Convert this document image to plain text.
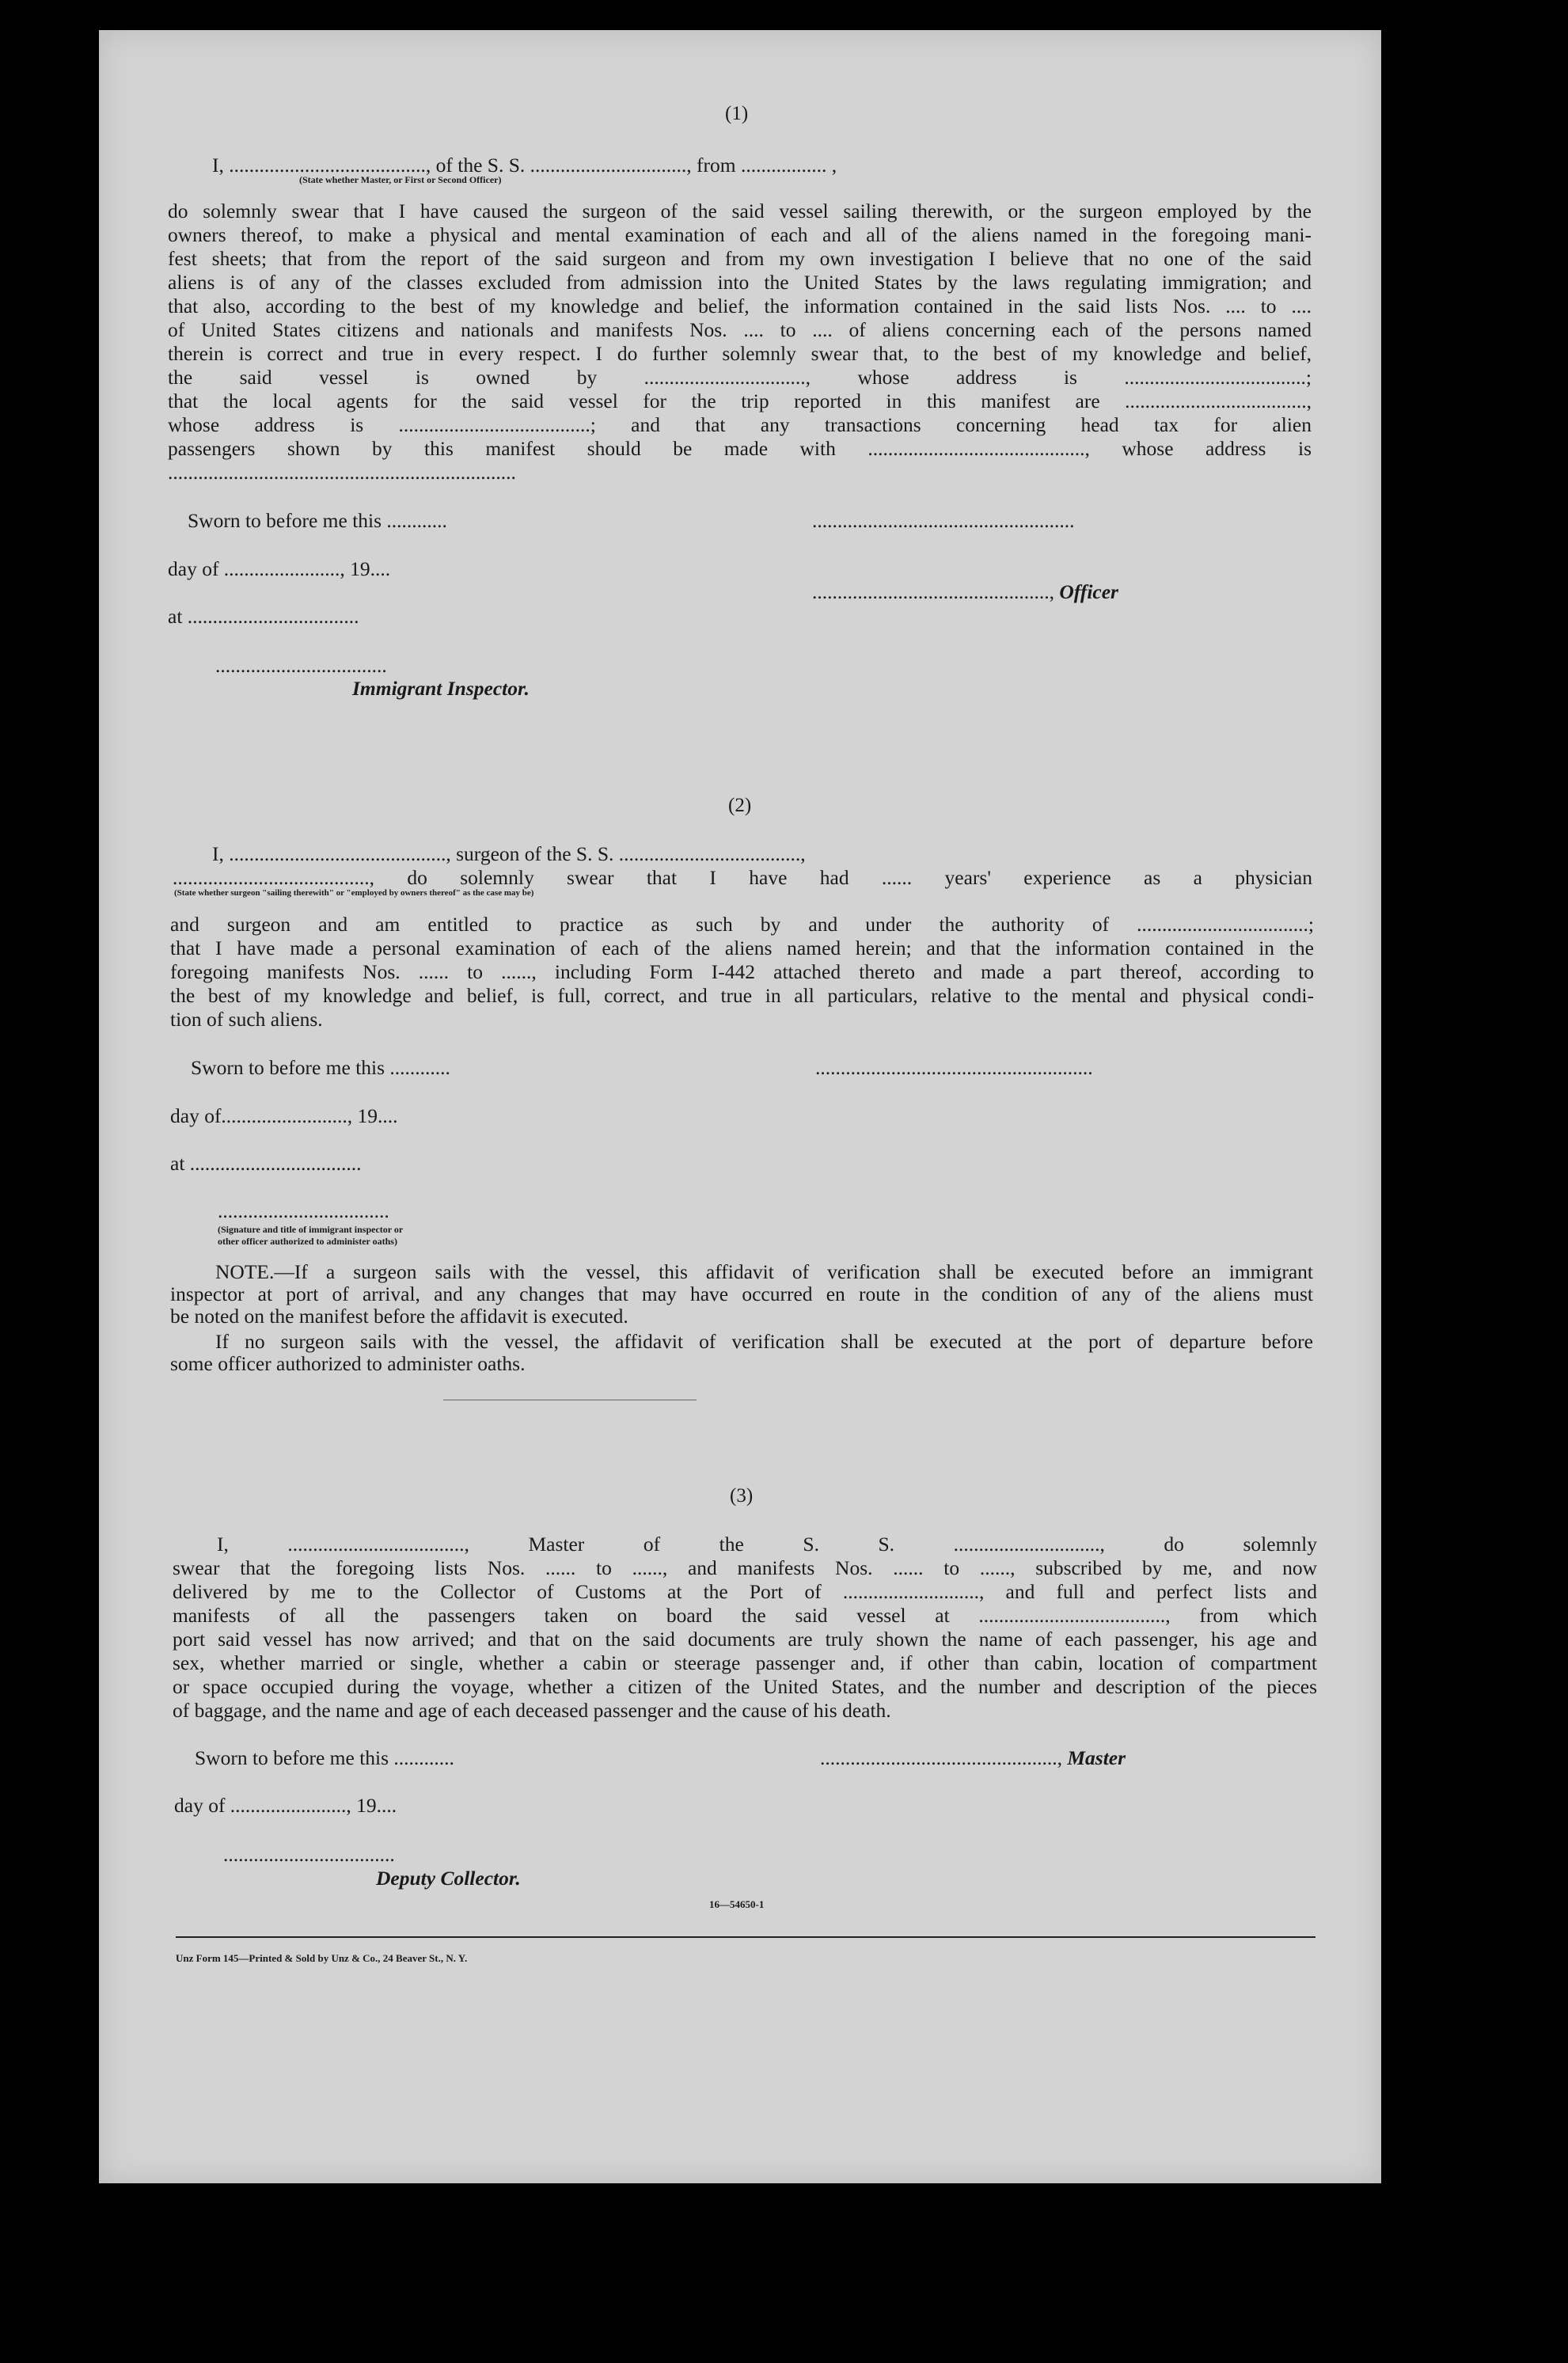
(1)
I, ......................................., of the S. S. ..............................., from ................. ,
(State whether Master, or First or Second Officer)
do solemnly swear that I have caused the surgeon of the said vessel sailing therewith, or the surgeon employed by the
owners thereof, to make a physical and mental examination of each and all of the aliens named in the foregoing mani-
fest sheets; that from the report of the said surgeon and from my own investigation I believe that no one of the said
aliens is of any of the classes excluded from admission into the United States by the laws regulating immigration; and
that also, according to the best of my knowledge and belief, the information contained in the said lists Nos. .... to ....
of United States citizens and nationals and manifests Nos. .... to .... of aliens concerning each of the persons named
therein is correct and true in every respect. I do further solemnly swear that, to the best of my knowledge and belief,
the said vessel is owned by ................................, whose address is ....................................;
that the local agents for the said vessel for the trip reported in this manifest are ....................................,
whose address is ......................................; and that any transactions concerning head tax for alien
passengers shown by this manifest should be made with ..........................................., whose address is
.....................................................................
Sworn to before me this ............	....................................................
day of ......................., 19....
..............................................., Officer
at ..................................
..................................
Immigrant Inspector.
(2)
I, ..........................................., surgeon of the S. S. ....................................,
......................................., do solemnly swear that I have had ...... years' experience as a physician
(State whether surgeon "sailing therewith" or "employed by owners thereof" as the case may be)
and surgeon and am entitled to practice as such by and under the authority of ..................................;
that I have made a personal examination of each of the aliens named herein; and that the information contained in the
foregoing manifests Nos. ...... to ......, including Form I-442 attached thereto and made a part thereof, according to
the best of my knowledge and belief, is full, correct, and true in all particulars, relative to the mental and physical condi-
tion of such aliens.
Sworn to before me this ............	.......................................................
day of........................., 19....
at ..................................
..................................
(Signature and title of immigrant inspector or
other officer authorized to administer oaths)
NOTE.—If a surgeon sails with the vessel, this affidavit of verification shall be executed before an immigrant
inspector at port of arrival, and any changes that may have occurred en route in the condition of any of the aliens must
be noted on the manifest before the affidavit is executed.
If no surgeon sails with the vessel, the affidavit of verification shall be executed at the port of departure before
some officer authorized to administer oaths.
(3)
I, ..................................., Master of the S. S. ............................., do solemnly
swear that the foregoing lists Nos. ...... to ......, and manifests Nos. ...... to ......, subscribed by me, and now
delivered by me to the Collector of Customs at the Port of ..........................., and full and perfect lists and
manifests of all the passengers taken on board the said vessel at ....................................., from which
port said vessel has now arrived; and that on the said documents are truly shown the name of each passenger, his age and
sex, whether married or single, whether a cabin or steerage passenger and, if other than cabin, location of compartment
or space occupied during the voyage, whether a citizen of the United States, and the number and description of the pieces
of baggage, and the name and age of each deceased passenger and the cause of his death.
Sworn to before me this ............	..............................................., Master
day of ......................., 19....
..................................
Deputy Collector.
16—54650-1
Unz Form 145—Printed & Sold by Unz & Co., 24 Beaver St., N. Y.
